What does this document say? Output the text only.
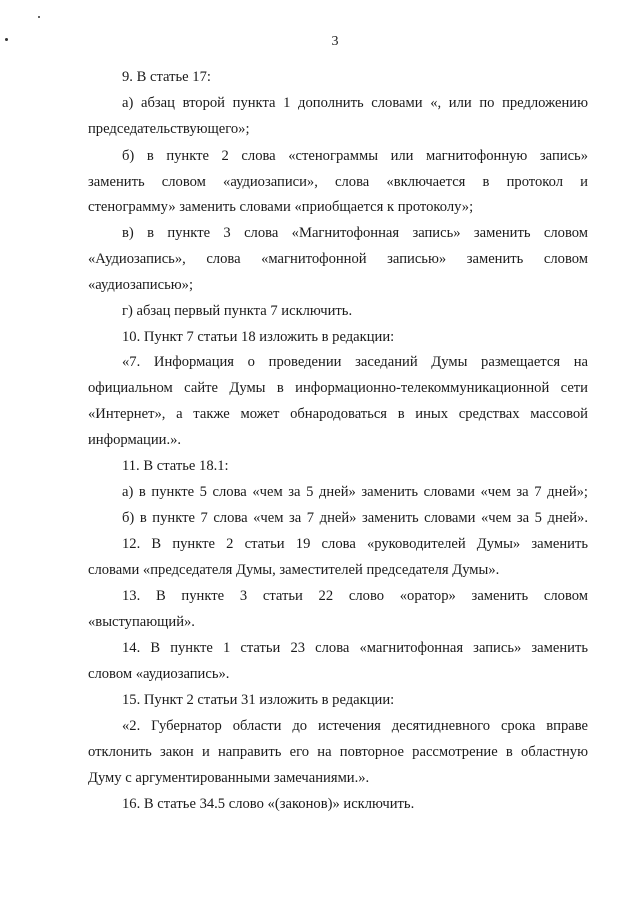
3
9. В статье 17:
а) абзац второй пункта 1 дополнить словами «, или по предложению
председательствующего»;
б) в пункте 2 слова «стенограммы или магнитофонную запись»
заменить словом «аудиозаписи», слова «включается в протокол и
стенограмму» заменить словами «приобщается к протоколу»;
в) в пункте 3 слова «Магнитофонная запись» заменить словом
«Аудиозапись», слова «магнитофонной записью» заменить словом
«аудиозаписью»;
г) абзац первый пункта 7 исключить.
10. Пункт 7 статьи 18 изложить в редакции:
«7. Информация о проведении заседаний Думы размещается на
официальном сайте Думы в информационно-телекоммуникационной сети
«Интернет», а также может обнародоваться в иных средствах массовой
информации.».
11. В статье 18.1:
а) в пункте 5 слова «чем за 5 дней» заменить словами «чем за 7 дней»;
б) в пункте 7 слова «чем за 7 дней» заменить словами «чем за 5 дней».
12. В пункте 2 статьи 19 слова «руководителей Думы» заменить
словами «председателя Думы, заместителей председателя Думы».
13. В пункте 3 статьи 22 слово «оратор» заменить словом
«выступающий».
14. В пункте 1 статьи 23 слова «магнитофонная запись» заменить
словом «аудиозапись».
15. Пункт 2 статьи 31 изложить в редакции:
«2. Губернатор области до истечения десятидневного срока вправе
отклонить закон и направить его на повторное рассмотрение в областную
Думу с аргументированными замечаниями.».
16. В статье 34.5 слово «(законов)» исключить.
